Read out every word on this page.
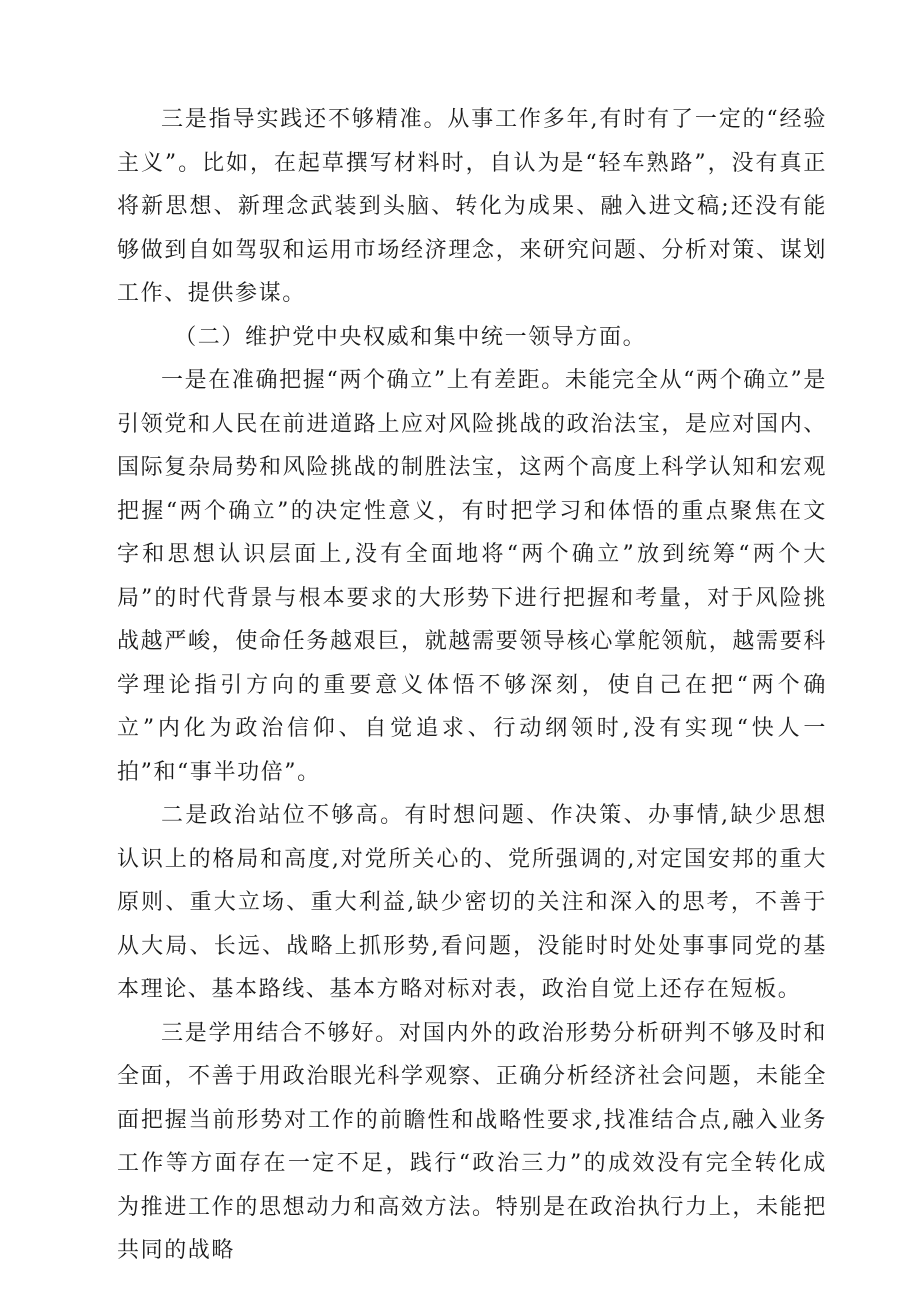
三是指导实践还不够精准。从事工作多年,有时有了一定的“经验主义”。比如，在起草撰写材料时，自认为是“轻车熟路”，没有真正将新思想、新理念武装到头脑、转化为成果、融入进文稿;还没有能够做到自如驾驭和运用市场经济理念，来研究问题、分析对策、谋划工作、提供参谋。

（二）维护党中央权威和集中统一领导方面。

一是在准确把握“两个确立”上有差距。未能完全从“两个确立”是引领党和人民在前进道路上应对风险挑战的政治法宝，是应对国内、国际复杂局势和风险挑战的制胜法宝，这两个高度上科学认知和宏观把握“两个确立”的决定性意义，有时把学习和体悟的重点聚焦在文字和思想认识层面上,没有全面地将“两个确立”放到统筹“两个大局”的时代背景与根本要求的大形势下进行把握和考量，对于风险挑战越严峻，使命任务越艰巨，就越需要领导核心掌舵领航，越需要科学理论指引方向的重要意义体悟不够深刻，使自己在把“两个确立”内化为政治信仰、自觉追求、行动纲领时,没有实现“快人一拍”和“事半功倍”。

二是政治站位不够高。有时想问题、作决策、办事情,缺少思想认识上的格局和高度,对党所关心的、党所强调的,对定国安邦的重大原则、重大立场、重大利益,缺少密切的关注和深入的思考，不善于从大局、长远、战略上抓形势,看问题，没能时时处处事事同党的基本理论、基本路线、基本方略对标对表，政治自觉上还存在短板。

三是学用结合不够好。对国内外的政治形势分析研判不够及时和全面，不善于用政治眼光科学观察、正确分析经济社会问题，未能全面把握当前形势对工作的前瞻性和战略性要求,找准结合点,融入业务工作等方面存在一定不足，践行“政治三力”的成效没有完全转化成为推进工作的思想动力和高效方法。特别是在政治执行力上，未能把共同的战略
